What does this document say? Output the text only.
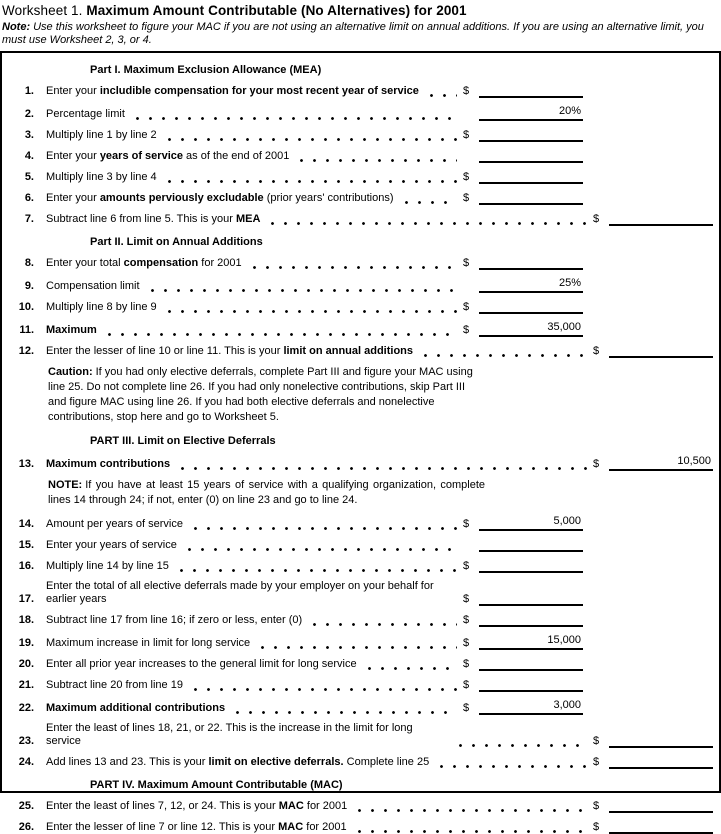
Worksheet 1. Maximum Amount Contributable (No Alternatives) for 2001
Note: Use this worksheet to figure your MAC if you are not using an alternative limit on annual additions. If you are using an alternative limit, you must use Worksheet 2, 3, or 4.
Part I. Maximum Exclusion Allowance (MEA)
1. Enter your includible compensation for your most recent year of service	$
2. Percentage limit	20%
3. Multiply line 1 by line 2	$
4. Enter your years of service as of the end of 2001
5. Multiply line 3 by line 4	$
6. Enter your amounts perviously excludable (prior years' contributions)	$
7. Subtract line 6 from line 5. This is your MEA	$
Part II. Limit on Annual Additions
8. Enter your total compensation for 2001	$
9. Compensation limit	25%
10. Multiply line 8 by line 9	$
11. Maximum	$	35,000
12. Enter the lesser of line 10 or line 11. This is your limit on annual additions	$
Caution: If you had only elective deferrals, complete Part III and figure your MAC using line 25. Do not complete line 26. If you had only nonelective contributions, skip Part III and figure MAC using line 26. If you had both elective deferrals and nonelective contributions, stop here and go to Worksheet 5.
PART III. Limit on Elective Deferrals
13. Maximum contributions	$	10,500
NOTE: If you have at least 15 years of service with a qualifying organization, complete lines 14 through 24; if not, enter (0) on line 23 and go to line 24.
14. Amount per years of service	$	5,000
15. Enter your years of service
16. Multiply line 14 by line 15	$
17.
Enter the total of all elective deferrals made by your employer on your behalf for earlier years	$
18. Subtract line 17 from line 16; if zero or less, enter (0)	$
19. Maximum increase in limit for long service	$	15,000
20. Enter all prior year increases to the general limit for long service	$
21. Subtract line 20 from line 19	$
22. Maximum additional contributions	$	3,000
23.
Enter the least of lines 18, 21, or 22. This is the increase in the limit for long service	$
24. Add lines 13 and 23. This is your limit on elective deferrals. Complete line 25	$
PART IV. Maximum Amount Contributable (MAC)
25. Enter the least of lines 7, 12, or 24. This is your MAC for 2001	$
26. Enter the lesser of line 7 or line 12. This is your MAC for 2001	$
